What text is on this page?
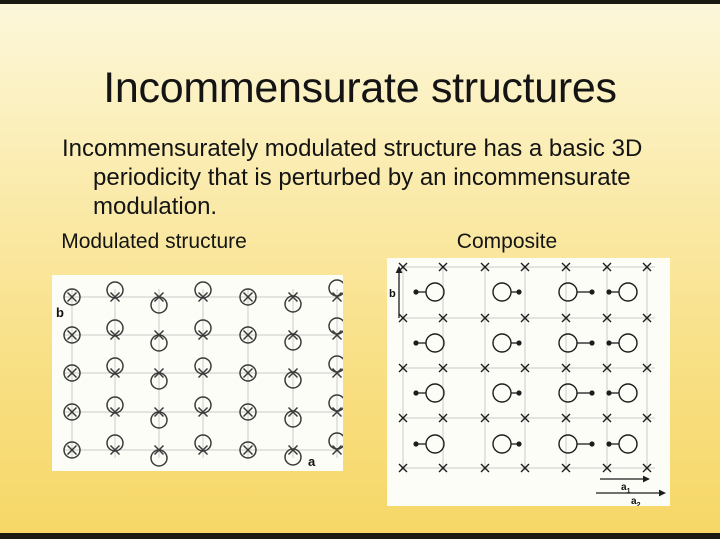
Incommensurate structures
Incommensurately modulated structure has a basic 3D
periodicity that is perturbed by an incommensurate
modulation.
Modulated structure	Composite
b
a
b
$a_1$
$a_2$
